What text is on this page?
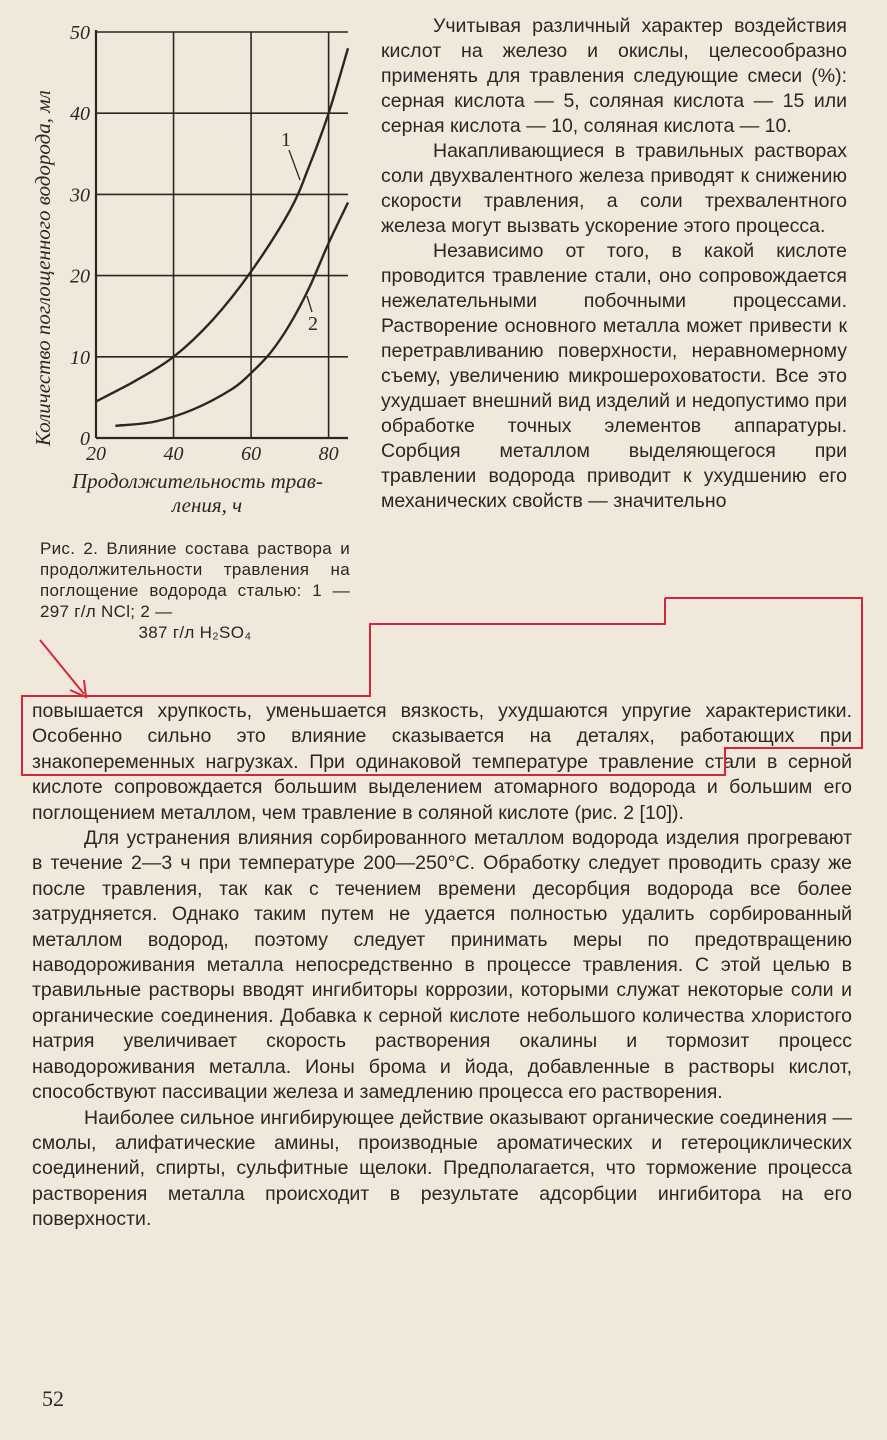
0
10
20
30
40
50
20	40	60	80
Количество поглощенного водорода, мл
Продолжительность трав-
ления, ч
1
2
Рис. 2. Влияние состава раствора и продолжительности травления на поглощение водорода сталью: 1 — 297 г/л NCl; 2 —
387 г/л H₂SO₄

Учитывая различный характер воздействия кислот на железо и окислы, целесообразно применять для травления следующие смеси (%): серная кислота — 5, соляная кислота — 15 или серная кислота — 10, соляная кислота — 10.

Накапливающиеся в травильных растворах соли двухвалентного железа приводят к снижению скорости травления, а соли трехвалентного железа могут вызвать ускорение этого процесса.

Независимо от того, в какой кислоте проводится травление стали, оно сопровождается нежелательными побочными процессами. Растворение основного металла может привести к перетравливанию поверхности, неравномерному съему, увеличению микрошероховатости. Все это ухудшает внешний вид изделий и недопустимо при обработке точных элементов аппаратуры. Сорбция металлом выделяющегося при травлении водорода приводит к ухудшению его механических свойств — значительно

повышается хрупкость, уменьшается вязкость, ухудшаются упругие характеристики. Особенно сильно это влияние сказывается на деталях, работающих при знакопеременных нагрузках. При одинаковой температуре травление стали в серной кислоте сопровождается большим выделением атомарного водорода и большим его поглощением металлом, чем травление в соляной кислоте (рис. 2 [10]).

Для устранения влияния сорбированного металлом водорода изделия прогревают в течение 2—3 ч при температуре 200—250°С. Обработку следует проводить сразу же после травления, так как с течением времени десорбция водорода все более затрудняется. Однако таким путем не удается полностью удалить сорбированный металлом водород, поэтому следует принимать меры по предотвращению наводороживания металла непосредственно в процессе травления. С этой целью в травильные растворы вводят ингибиторы коррозии, которыми служат некоторые соли и органические соединения. Добавка к серной кислоте небольшого количества хлористого натрия увеличивает скорость растворения окалины и тормозит процесс наводороживания металла. Ионы брома и йода, добавленные в растворы кислот, способствуют пассивации железа и замедлению процесса его растворения.

Наиболее сильное ингибирующее действие оказывают органические соединения — смолы, алифатические амины, производные ароматических и гетероциклических соединений, спирты, сульфитные щелоки. Предполагается, что торможение процесса растворения металла происходит в результате адсорбции ингибитора на его поверхности.

52
